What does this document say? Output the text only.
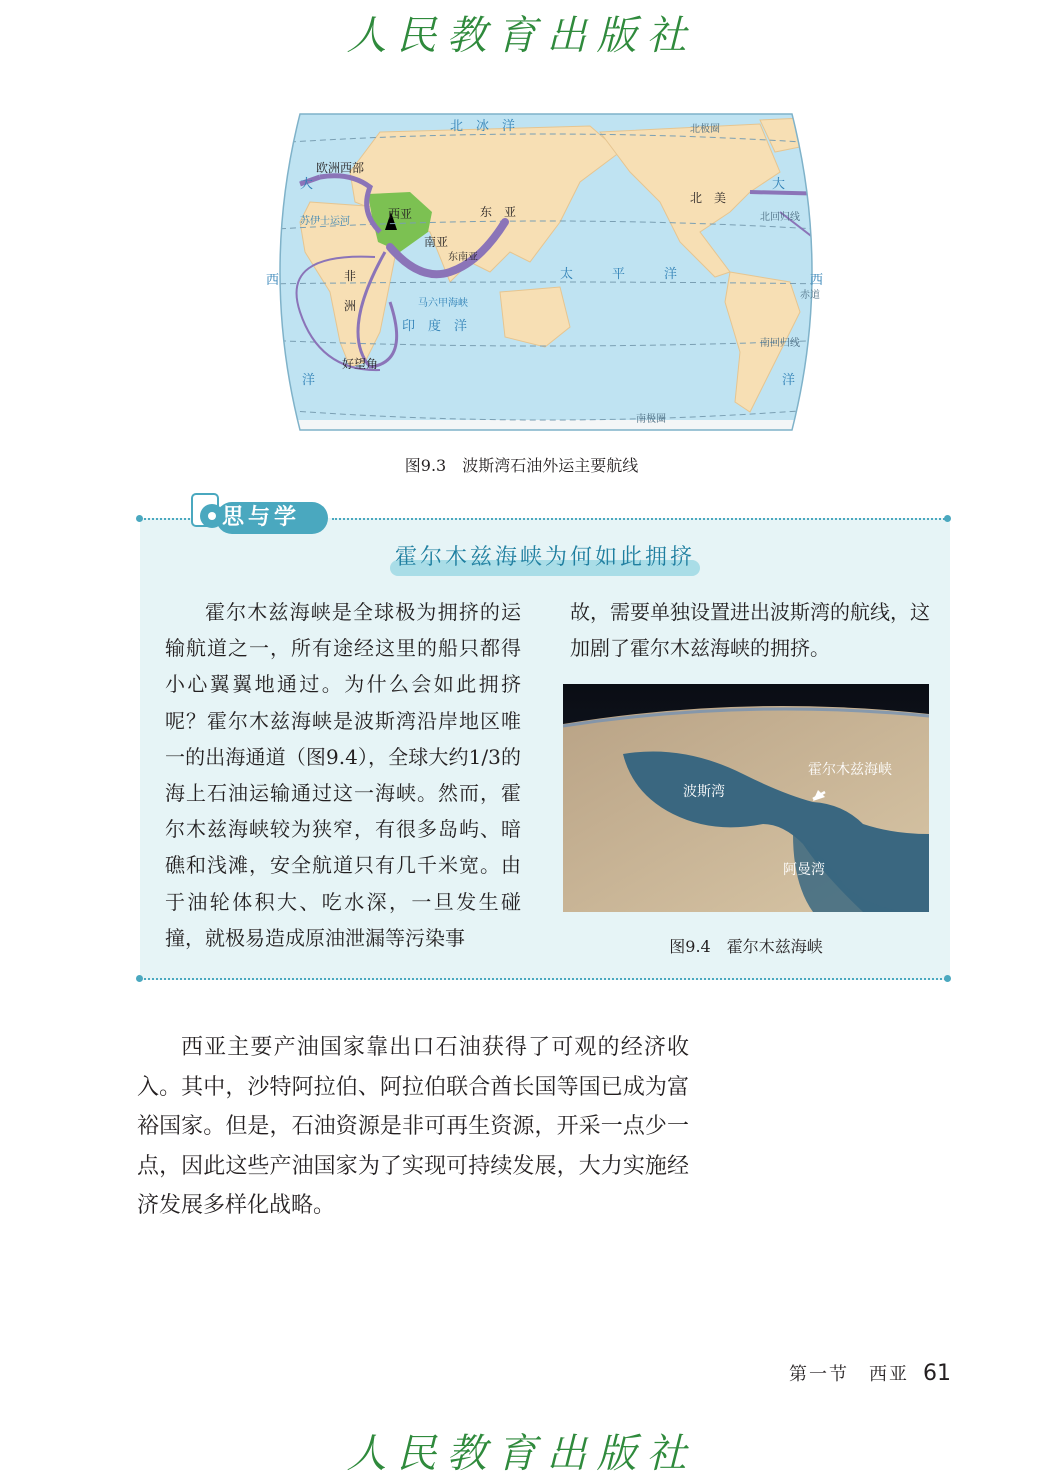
人民教育出版社
北　冰　洋	北极圈
欧洲西部
苏伊士运河
西亚	东　亚
南亚
东南亚
非
洲	马六甲海峡
印　度　洋
太　　　平　　　洋
北　美
北回归线
赤道
南回归线
南极圈
好望角
大
西
洋
大
西
洋
图9.3　波斯湾石油外运主要航线
思与学
霍尔木兹海峡为何如此拥挤

霍尔木兹海峡是全球极为拥挤的运输航道之一，所有途经这里的船只都得小心翼翼地通过。为什么会如此拥挤呢？霍尔木兹海峡是波斯湾沿岸地区唯一的出海通道（图9.4），全球大约1/3的海上石油运输通过这一海峡。然而，霍尔木兹海峡较为狭窄，有很多岛屿、暗礁和浅滩，安全航道只有几千米宽。由于油轮体积大、吃水深，一旦发生碰撞，就极易造成原油泄漏等污染事

故，需要单独设置进出波斯湾的航线，这加剧了霍尔木兹海峡的拥挤。

波斯湾
霍尔木兹海峡
阿曼湾
图9.4　霍尔木兹海峡

西亚主要产油国家靠出口石油获得了可观的经济收入。其中，沙特阿拉伯、阿拉伯联合酋长国等国已成为富裕国家。但是，石油资源是非可再生资源，开采一点少一点，因此这些产油国家为了实现可持续发展，大力实施经济发展多样化战略。

第一节　西亚 61
人民教育出版社
